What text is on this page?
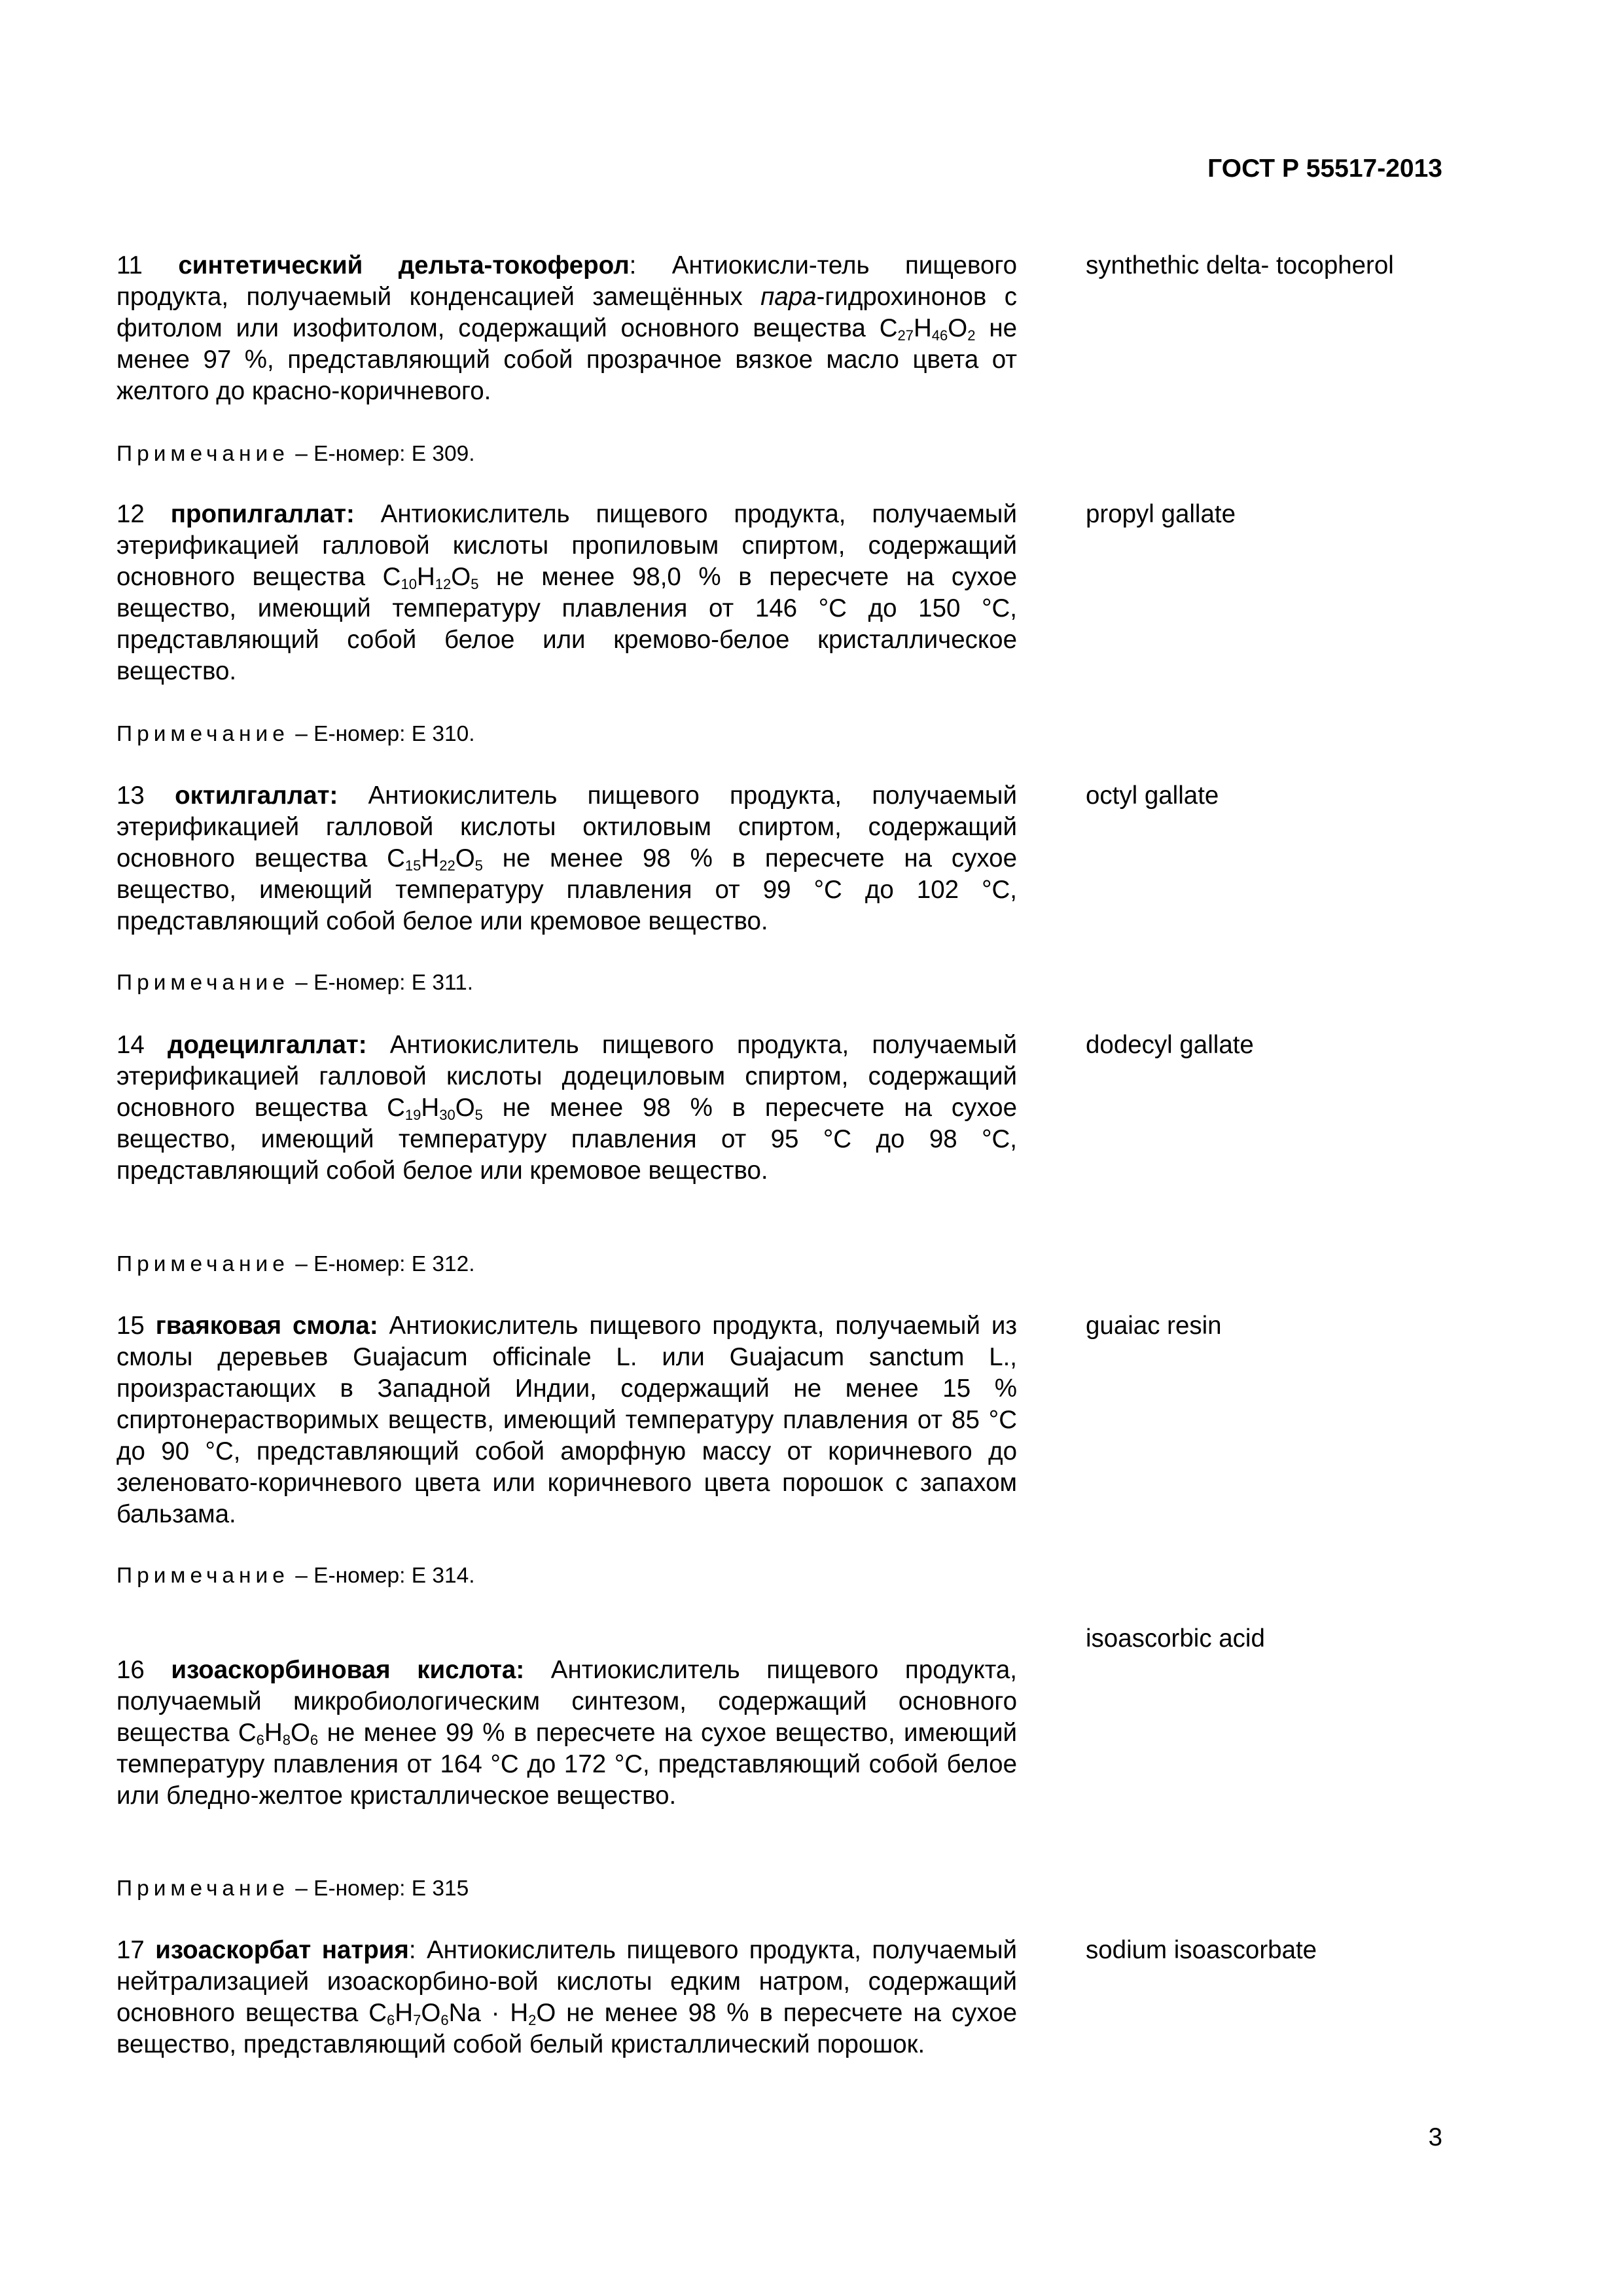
ГОСТ Р 55517-2013
11 синтетический дельта-токоферол: Антиокисли-тель пищевого продукта, получаемый конденсацией замещённых пара-гидрохинонов с фитолом или изофитолом, содержащий основного вещества $C_{27}H_{46}O_2$ не менее 97 %, представляющий собой прозрачное вязкое масло цвета от желтого до красно-коричневого.
synthethic delta- tocopherol
Примечание – Е-номер: Е 309.
12 пропилгаллат: Антиокислитель пищевого продукта, получаемый этерификацией галловой кислоты пропиловым спиртом, содержащий основного вещества $C_{10}H_{12}O_5$ не менее 98,0 % в пересчете на сухое вещество, имеющий температуру плавления от 146 °С до 150 °С, представляющий собой белое или кремово-белое кристаллическое вещество.
propyl gallate
Примечание – Е-номер: Е 310.
13 октилгаллат: Антиокислитель пищевого продукта, получаемый этерификацией галловой кислоты октиловым спиртом, содержащий основного вещества $C_{15}H_{22}O_5$ не менее 98 % в пересчете на сухое вещество, имеющий температуру плавления от 99 °С до 102 °С, представляющий собой белое или кремовое вещество.
octyl gallate
Примечание – Е-номер: Е 311.
14 додецилгаллат: Антиокислитель пищевого продукта, получаемый этерификацией галловой кислоты додециловым спиртом, содержащий основного вещества $C_{19}H_{30}O_5$ не менее 98 % в пересчете на сухое вещество, имеющий температуру плавления от 95 °С до 98 °С, представляющий собой белое или кремовое вещество.
dodecyl gallate
Примечание – Е-номер: Е 312.
15 гваяковая смола: Антиокислитель пищевого продукта, получаемый из смолы деревьев Guajacum officinale L. или Guajacum sanctum L., произрастающих в Западной Индии, содержащий не менее 15 % спиртонерастворимых веществ, имеющий температуру плавления от 85 °С до 90 °С, представляющий собой аморфную массу от коричневого до зеленовато-коричневого цвета или коричневого цвета порошок с запахом бальзама.
guaiac resin
Примечание – Е-номер: Е 314.
isoascorbic acid
16 изоаскорбиновая кислота: Антиокислитель пищевого продукта, получаемый микробиологическим синтезом, содержащий основного вещества $C_6H_8O_6$ не менее 99 % в пересчете на сухое вещество, имеющий температуру плавления от 164 °С до 172 °С, представляющий собой белое или бледно-желтое кристаллическое вещество.
Примечание – Е-номер: Е 315
17 изоаскорбат натрия: Антиокислитель пищевого продукта, получаемый нейтрализацией изоаскорбино-вой кислоты едким натром, содержащий основного вещества $C_6H_7O_6Na \cdot H_2O$ не менее 98 % в пересчете на сухое вещество, представляющий собой белый кристаллический порошок.
sodium isoascorbate
3
